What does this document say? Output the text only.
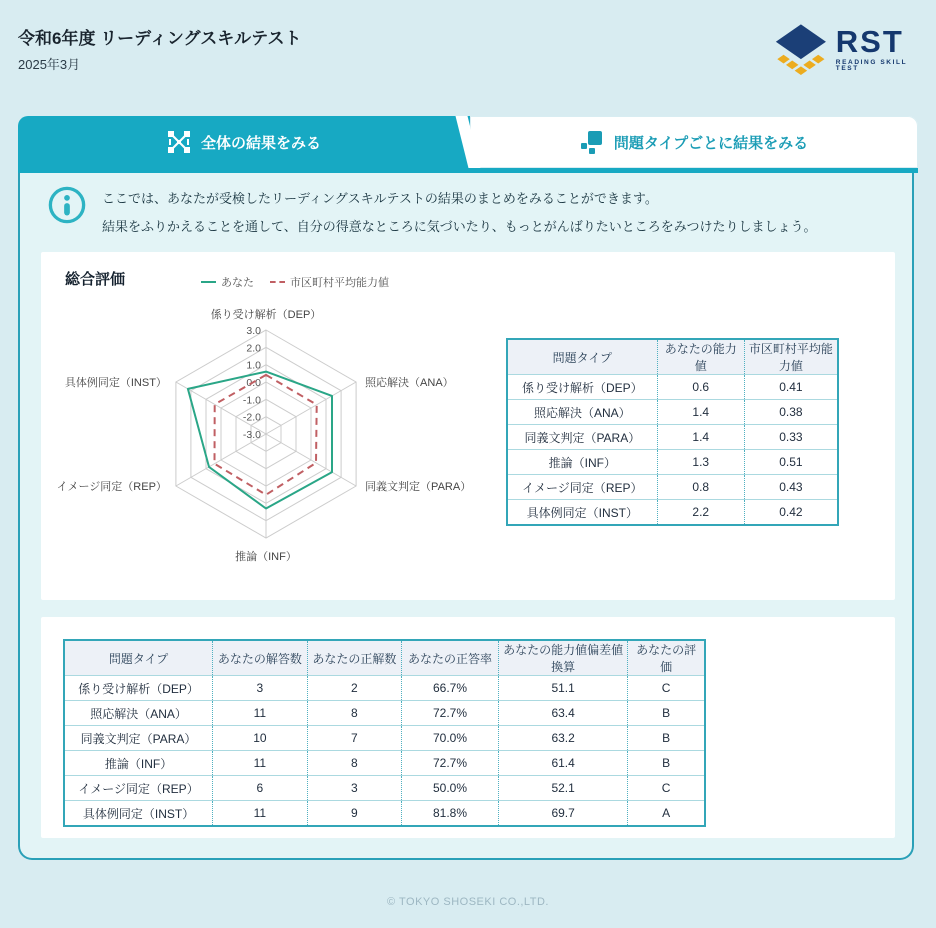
令和6年度 リーディングスキルテスト
2025年3月
RST
READING SKILL TEST
全体の結果をみる	問題タイプごとに結果をみる

ここでは、あなたが受検したリーディングスキルテストの結果のまとめをみることができます。

結果をふりかえることを通して、自分の得意なところに気づいたり、もっとがんばりたいところをみつけたりしましょう。

総合評価	あなた	市区町村平均能力値
3.0
2.0
1.0
0.0
-1.0
-2.0
-3.0
係り受け解析（DEP）
照応解決（ANA）
同義文判定（PARA）
推論（INF）
イメージ同定（REP）
具体例同定（INST）
問題タイプ	あなたの能力値	市区町村平均能力値
係り受け解析（DEP）	0.6	0.41
照応解決（ANA）	1.4	0.38
同義文判定（PARA）	1.4	0.33
推論（INF）	1.3	0.51
イメージ同定（REP）	0.8	0.43
具体例同定（INST）	2.2	0.42
問題タイプ	あなたの解答数	あなたの正解数	あなたの正答率	あなたの能力値偏差値換算	あなたの評価
係り受け解析（DEP）	3	2	66.7%	51.1	C
照応解決（ANA）	11	8	72.7%	63.4	B
同義文判定（PARA）	10	7	70.0%	63.2	B
推論（INF）	11	8	72.7%	61.4	B
イメージ同定（REP）	6	3	50.0%	52.1	C
具体例同定（INST）	11	9	81.8%	69.7	A
© TOKYO SHOSEKI CO.,LTD.
